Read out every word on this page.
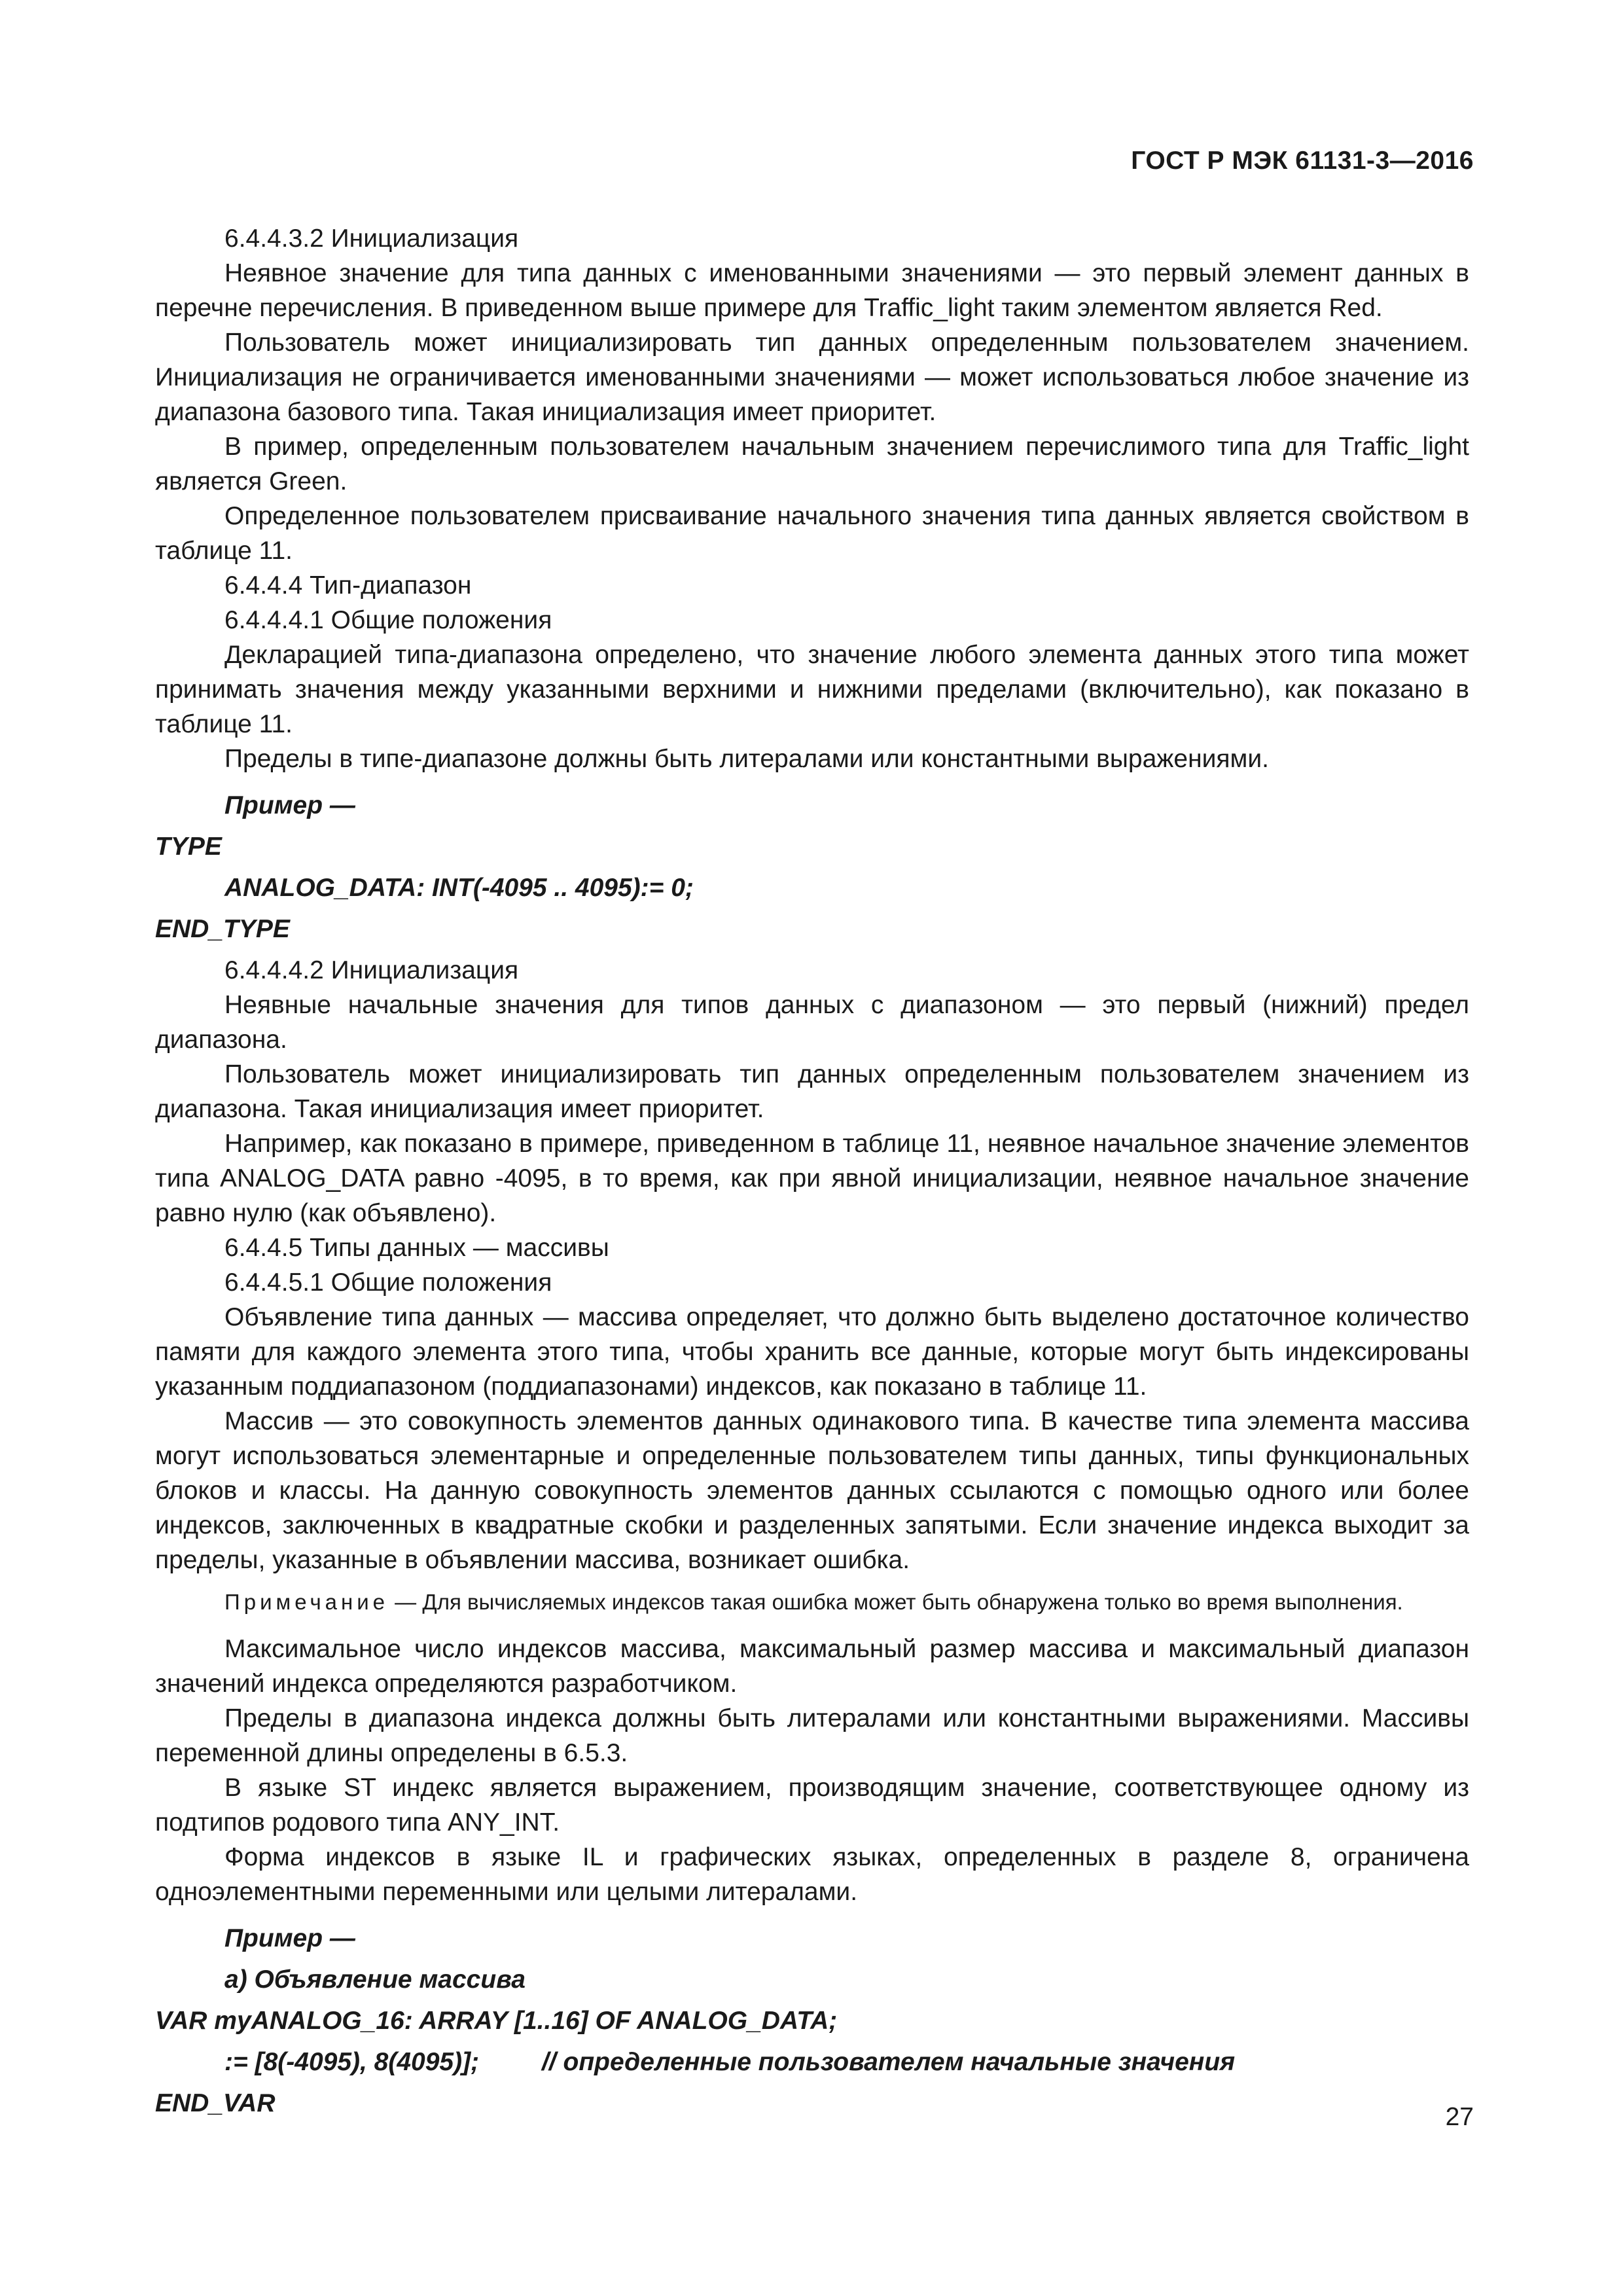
ГОСТ Р МЭК 61131-3—2016

6.4.4.3.2 Инициализация

Неявное значение для типа данных с именованными значениями — это первый элемент данных в перечне перечисления. В приведенном выше примере для Traffic_light таким элементом является Red.

Пользователь может инициализировать тип данных определенным пользователем значением. Инициализация не ограничивается именованными значениями — может использоваться любое значение из диапазона базового типа. Такая инициализация имеет приоритет.

В пример, определенным пользователем начальным значением перечислимого типа для Traffic_light является Green.

Определенное пользователем присваивание начального значения типа данных является свойством в таблице 11.

6.4.4.4 Тип-диапазон

6.4.4.4.1 Общие положения

Декларацией типа-диапазона определено, что значение любого элемента данных этого типа может принимать значения между указанными верхними и нижними пределами (включительно), как показано в таблице 11.

Пределы в типе-диапазоне должны быть литералами или константными выражениями.

Пример —

TYPE

ANALOG_DATA: INT(-4095 .. 4095):= 0;

END_TYPE

6.4.4.4.2 Инициализация

Неявные начальные значения для типов данных с диапазоном — это первый (нижний) предел диапазона.

Пользователь может инициализировать тип данных определенным пользователем значением из диапазона. Такая инициализация имеет приоритет.

Например, как показано в примере, приведенном в таблице 11, неявное начальное значение элементов типа ANALOG_DATA равно -4095, в то время, как при явной инициализации, неявное начальное значение равно нулю (как объявлено).

6.4.4.5 Типы данных — массивы

6.4.4.5.1 Общие положения

Объявление типа данных — массива определяет, что должно быть выделено достаточное количество памяти для каждого элемента этого типа, чтобы хранить все данные, которые могут быть индексированы указанным поддиапазоном (поддиапазонами) индексов, как показано в таблице 11.

Массив — это совокупность элементов данных одинакового типа. В качестве типа элемента массива могут использоваться элементарные и определенные пользователем типы данных, типы функциональных блоков и классы. На данную совокупность элементов данных ссылаются с помощью одного или более индексов, заключенных в квадратные скобки и разделенных запятыми. Если значение индекса выходит за пределы, указанные в объявлении массива, возникает ошибка.

Примечание — Для вычисляемых индексов такая ошибка может быть обнаружена только во время выполнения.

Максимальное число индексов массива, максимальный размер массива и максимальный диапазон значений индекса определяются разработчиком.

Пределы в диапазона индекса должны быть литералами или константными выражениями. Массивы переменной длины определены в 6.5.3.

В языке ST индекс является выражением, производящим значение, соответствующее одному из подтипов родового типа ANY_INT.

Форма индексов в языке IL и графических языках, определенных в разделе 8, ограничена одноэлементными переменными или целыми литералами.

Пример —

а) Объявление массива

VAR myANALOG_16: ARRAY [1..16] OF ANALOG_DATA;

:= [8(-4095), 8(4095)];	// определенные пользователем начальные значения

END_VAR	27
